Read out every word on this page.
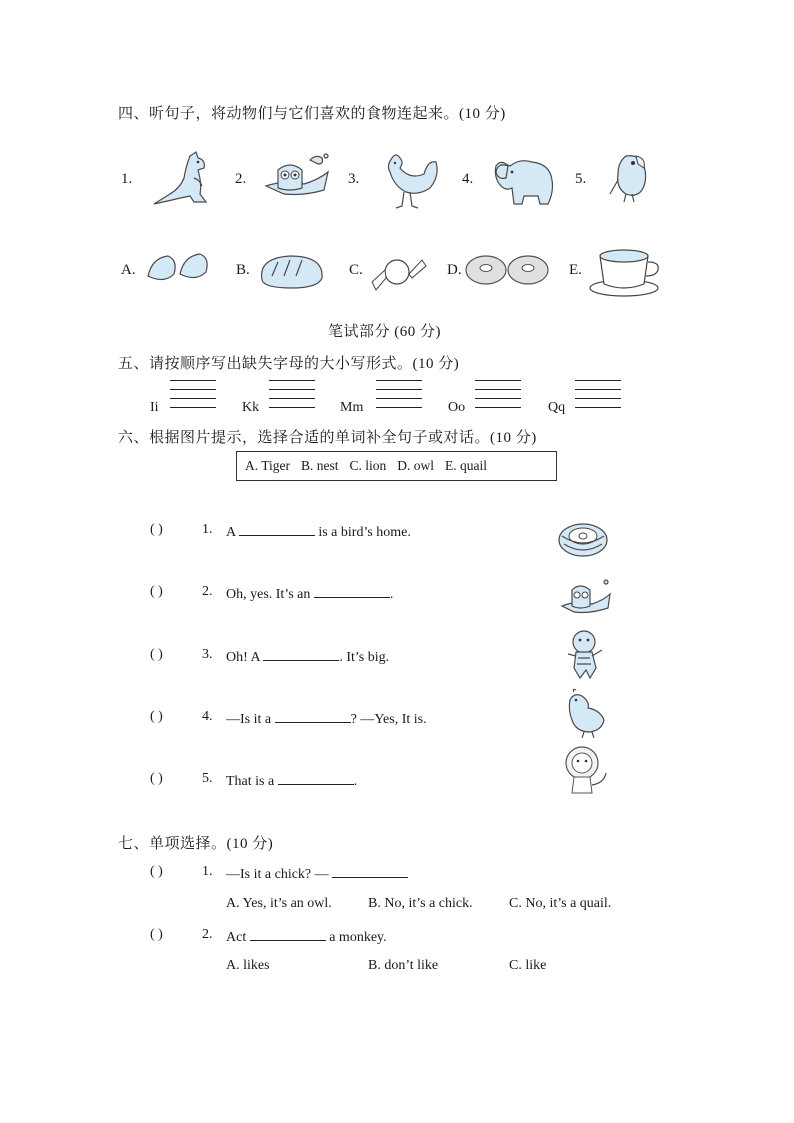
四、听句子，将动物们与它们喜欢的食物连起来。(10 分)
1.	2.	3.	4.	5.
A.	B.	C.	D.	E.
笔试部分 (60 分)
五、请按顺序写出缺失字母的大小写形式。(10 分)
Ii	Kk	Mm	Oo	Qq
六、根据图片提示，选择合适的单词补全句子或对话。(10 分)
A. Tiger B. nest C. lion D. owl E. quail
( )	1. A	is a bird’s home.
( )	2. Oh, yes. It’s an	.
( )	3. Oh! A	. It’s big.
( )	4. —Is it a	? —Yes, It is.
( )	5. That is a	.
七、单项选择。(10 分)
( )	1. —Is it a chick? —
A. Yes, it’s an owl.	B. No, it’s a chick.	C. No, it’s a quail.
( )	2. Act	a monkey.
A. likes	B. don’t like	C. like
